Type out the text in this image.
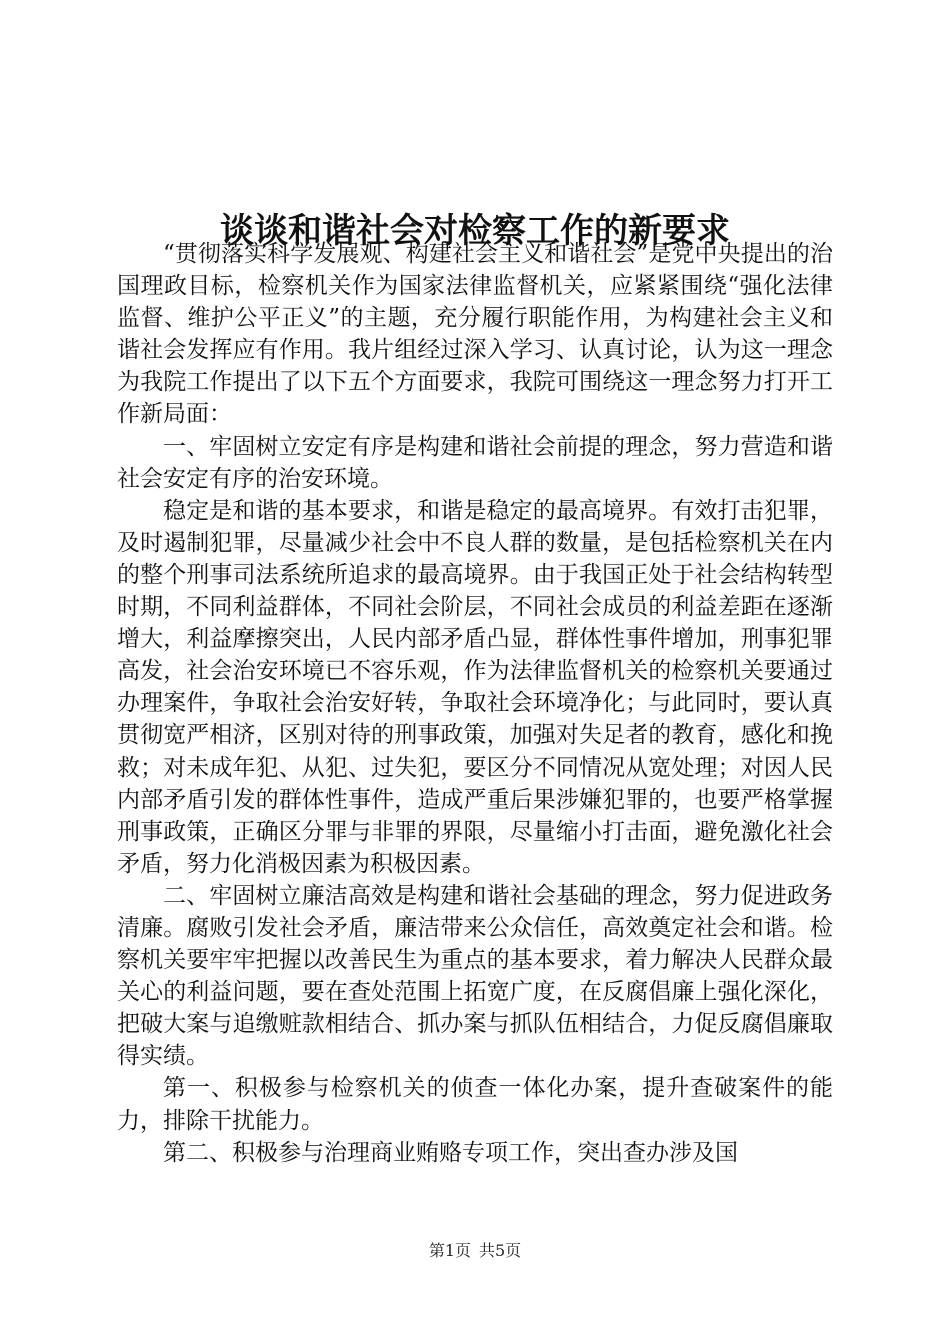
谈谈和谐社会对检察工作的新要求

“贯彻落实科学发展观、构建社会主义和谐社会”是党中央提出的治国理政目标，检察机关作为国家法律监督机关，应紧紧围绕“强化法律监督、维护公平正义”的主题，充分履行职能作用，为构建社会主义和谐社会发挥应有作用。我片组经过深入学习、认真讨论，认为这一理念为我院工作提出了以下五个方面要求，我院可围绕这一理念努力打开工作新局面：

一、牢固树立安定有序是构建和谐社会前提的理念，努力营造和谐社会安定有序的治安环境。

稳定是和谐的基本要求，和谐是稳定的最高境界。有效打击犯罪，及时遏制犯罪，尽量减少社会中不良人群的数量，是包括检察机关在内的整个刑事司法系统所追求的最高境界。由于我国正处于社会结构转型时期，不同利益群体，不同社会阶层，不同社会成员的利益差距在逐渐增大，利益摩擦突出，人民内部矛盾凸显，群体性事件增加，刑事犯罪高发，社会治安环境已不容乐观，作为法律监督机关的检察机关要通过办理案件，争取社会治安好转，争取社会环境净化；与此同时，要认真贯彻宽严相济，区别对待的刑事政策，加强对失足者的教育，感化和挽救；对未成年犯、从犯、过失犯，要区分不同情况从宽处理；对因人民内部矛盾引发的群体性事件，造成严重后果涉嫌犯罪的，也要严格掌握刑事政策，正确区分罪与非罪的界限，尽量缩小打击面，避免激化社会矛盾，努力化消极因素为积极因素。

二、牢固树立廉洁高效是构建和谐社会基础的理念，努力促进政务清廉。腐败引发社会矛盾，廉洁带来公众信任，高效奠定社会和谐。检察机关要牢牢把握以改善民生为重点的基本要求，着力解决人民群众最关心的利益问题，要在查处范围上拓宽广度，在反腐倡廉上强化深化，把破大案与追缴赃款相结合、抓办案与抓队伍相结合，力促反腐倡廉取得实绩。

第一、积极参与检察机关的侦查一体化办案，提升查破案件的能力，排除干扰能力。

第二、积极参与治理商业贿赂专项工作，突出查办涉及国

第1页 共5页
